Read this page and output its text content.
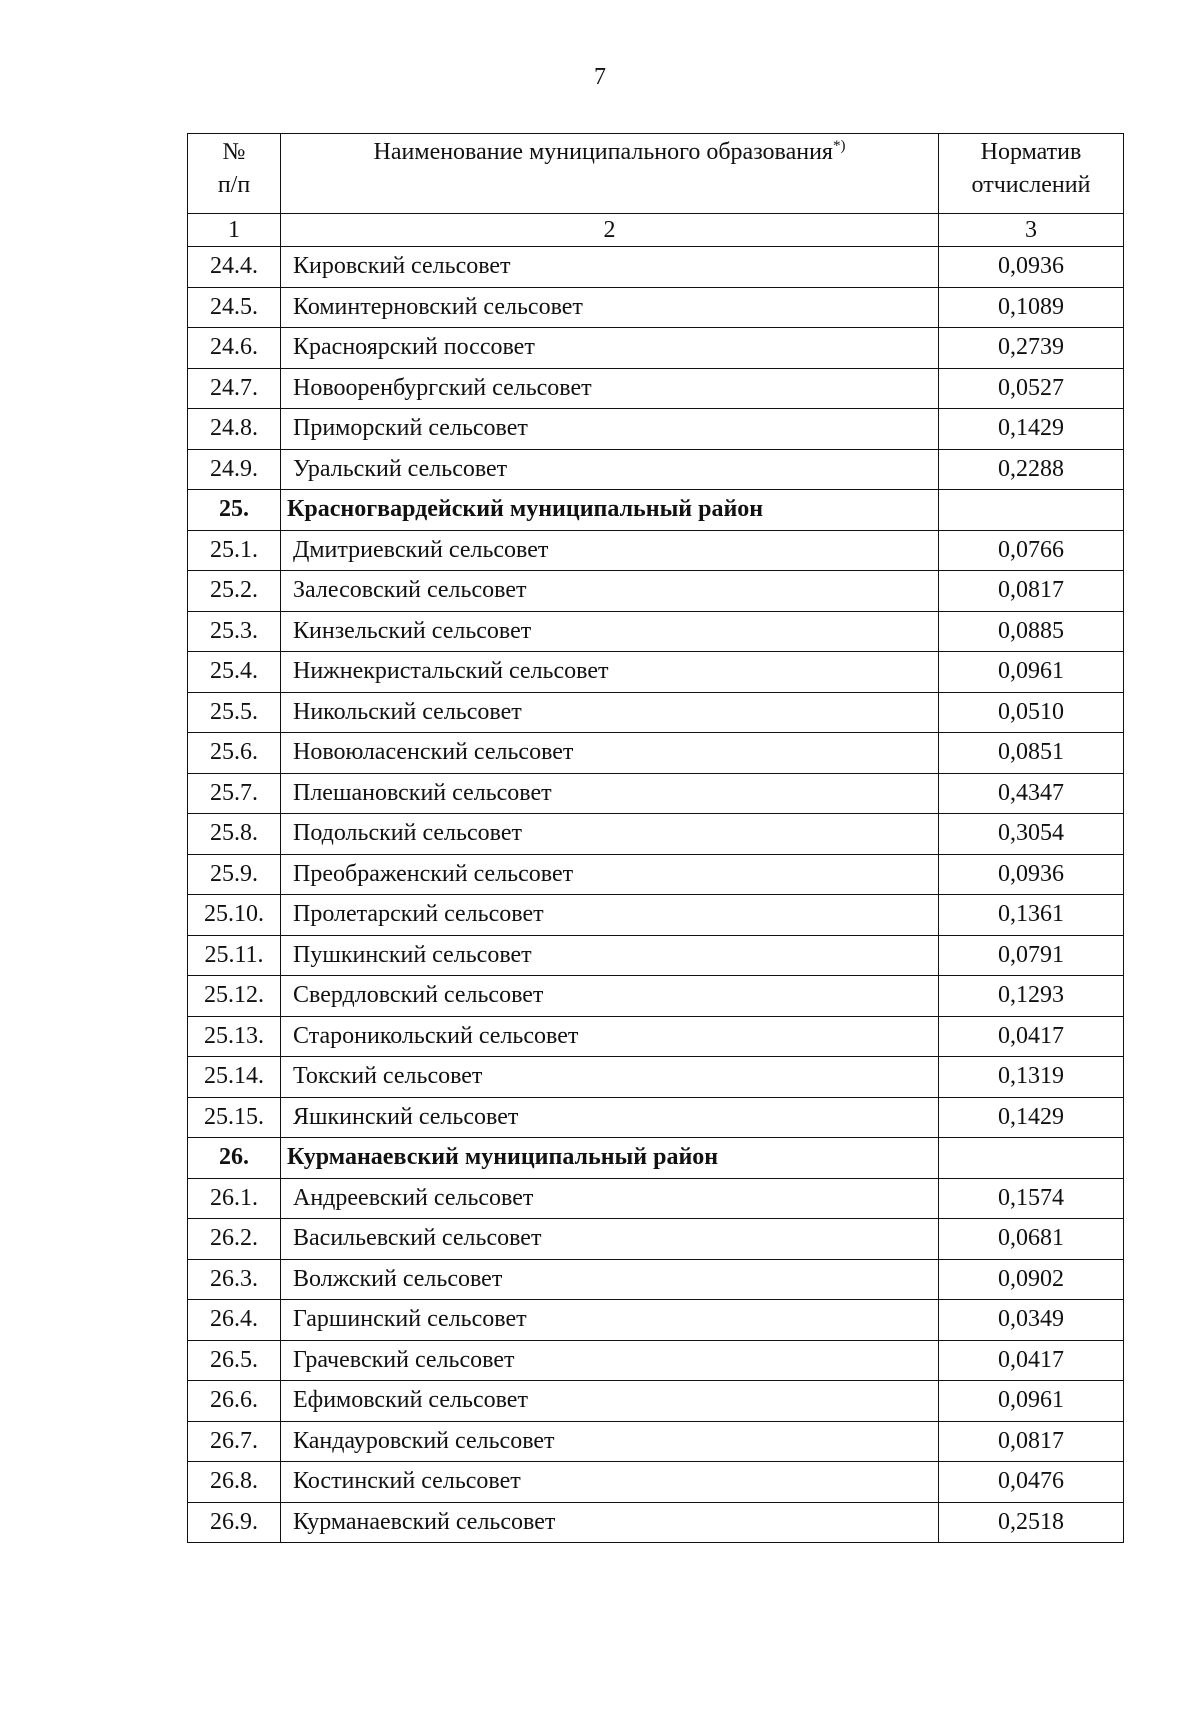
7
№
п/п	Наименование муниципального образования*)	Норматив
отчислений
1	2	3
24.4.	Кировский сельсовет	0,0936
24.5.	Коминтерновский сельсовет	0,1089
24.6.	Красноярский поссовет	0,2739
24.7.	Новооренбургский сельсовет	0,0527
24.8.	Приморский сельсовет	0,1429
24.9.	Уральский сельсовет	0,2288
25.	Красногвардейский муниципальный район	
25.1.	Дмитриевский сельсовет	0,0766
25.2.	Залесовский сельсовет	0,0817
25.3.	Кинзельский сельсовет	0,0885
25.4.	Нижнекристальский сельсовет	0,0961
25.5.	Никольский сельсовет	0,0510
25.6.	Новоюласенский сельсовет	0,0851
25.7.	Плешановский сельсовет	0,4347
25.8.	Подольский сельсовет	0,3054
25.9.	Преображенский сельсовет	0,0936
25.10.	Пролетарский сельсовет	0,1361
25.11.	Пушкинский сельсовет	0,0791
25.12.	Свердловский сельсовет	0,1293
25.13.	Староникольский сельсовет	0,0417
25.14.	Токский сельсовет	0,1319
25.15.	Яшкинский сельсовет	0,1429
26.	Курманаевский муниципальный район	
26.1.	Андреевский сельсовет	0,1574
26.2.	Васильевский сельсовет	0,0681
26.3.	Волжский сельсовет	0,0902
26.4.	Гаршинский сельсовет	0,0349
26.5.	Грачевский сельсовет	0,0417
26.6.	Ефимовский сельсовет	0,0961
26.7.	Кандауровский сельсовет	0,0817
26.8.	Костинский сельсовет	0,0476
26.9.	Курманаевский сельсовет	0,2518
